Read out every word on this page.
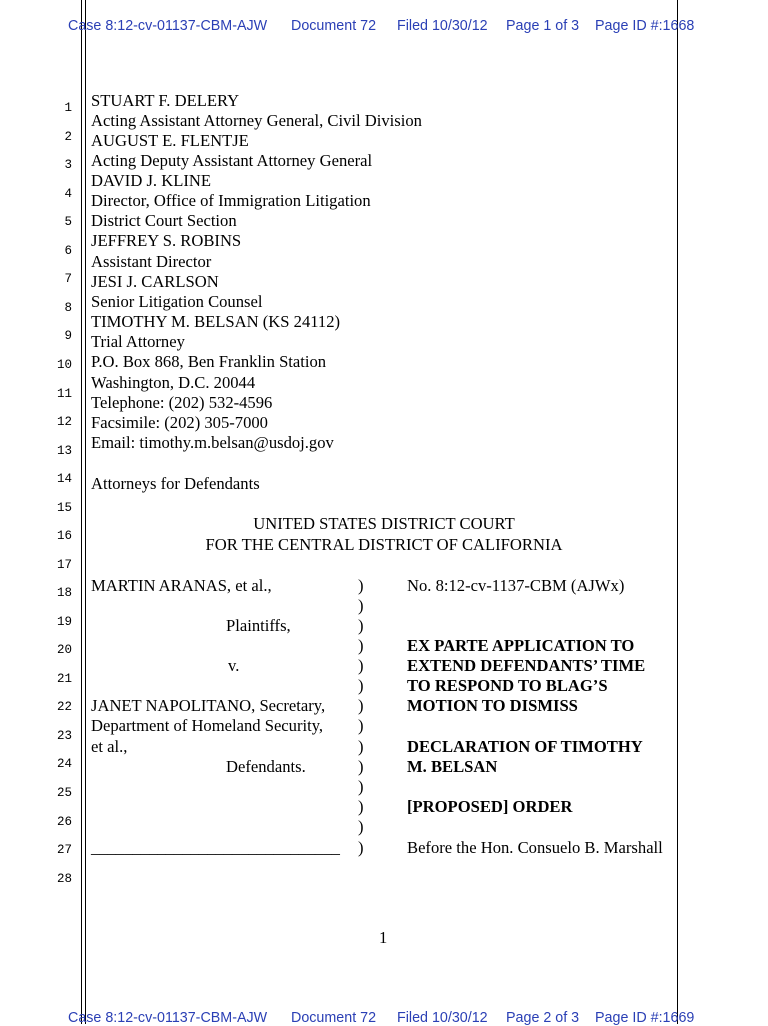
Case 8:12-cv-01137-CBM-AJW Document 72 Filed 10/30/12 Page 1 of 3 Page ID #:1668
1
2
3
4
5
6
7
8
9
10
11
12
13
14
15
16
17
18
19
20
21
22
23
24
25
26
27
28
STUART F. DELERY
Acting Assistant Attorney General, Civil Division
AUGUST E. FLENTJE
Acting Deputy Assistant Attorney General
DAVID J. KLINE
Director, Office of Immigration Litigation
District Court Section
JEFFREY S. ROBINS
Assistant Director
JESI J. CARLSON
Senior Litigation Counsel
TIMOTHY M. BELSAN (KS 24112)
Trial Attorney
P.O. Box 868, Ben Franklin Station
Washington, D.C. 20044
Telephone: (202) 532-4596
Facsimile: (202) 305-7000
Email: timothy.m.belsan@usdoj.gov
Attorneys for Defendants
UNITED STATES DISTRICT COURT
FOR THE CENTRAL DISTRICT OF CALIFORNIA
MARTIN ARANAS, et al.,
Plaintiffs,
v.
JANET NAPOLITANO, Secretary,
Department of Homeland Security,
et al.,
Defendants.
______________________________
)
)
)
)
)
)
)
)
)
)
)
)
)
)
No. 8:12-cv-1137-CBM (AJWx)
EX PARTE APPLICATION TO
EXTEND DEFENDANTS’ TIME
TO RESPOND TO BLAG’S
MOTION TO DISMISS
DECLARATION OF TIMOTHY
M. BELSAN
[PROPOSED] ORDER
Before the Hon. Consuelo B. Marshall
1
Case 8:12-cv-01137-CBM-AJW Document 72 Filed 10/30/12 Page 2 of 3 Page ID #:1669
